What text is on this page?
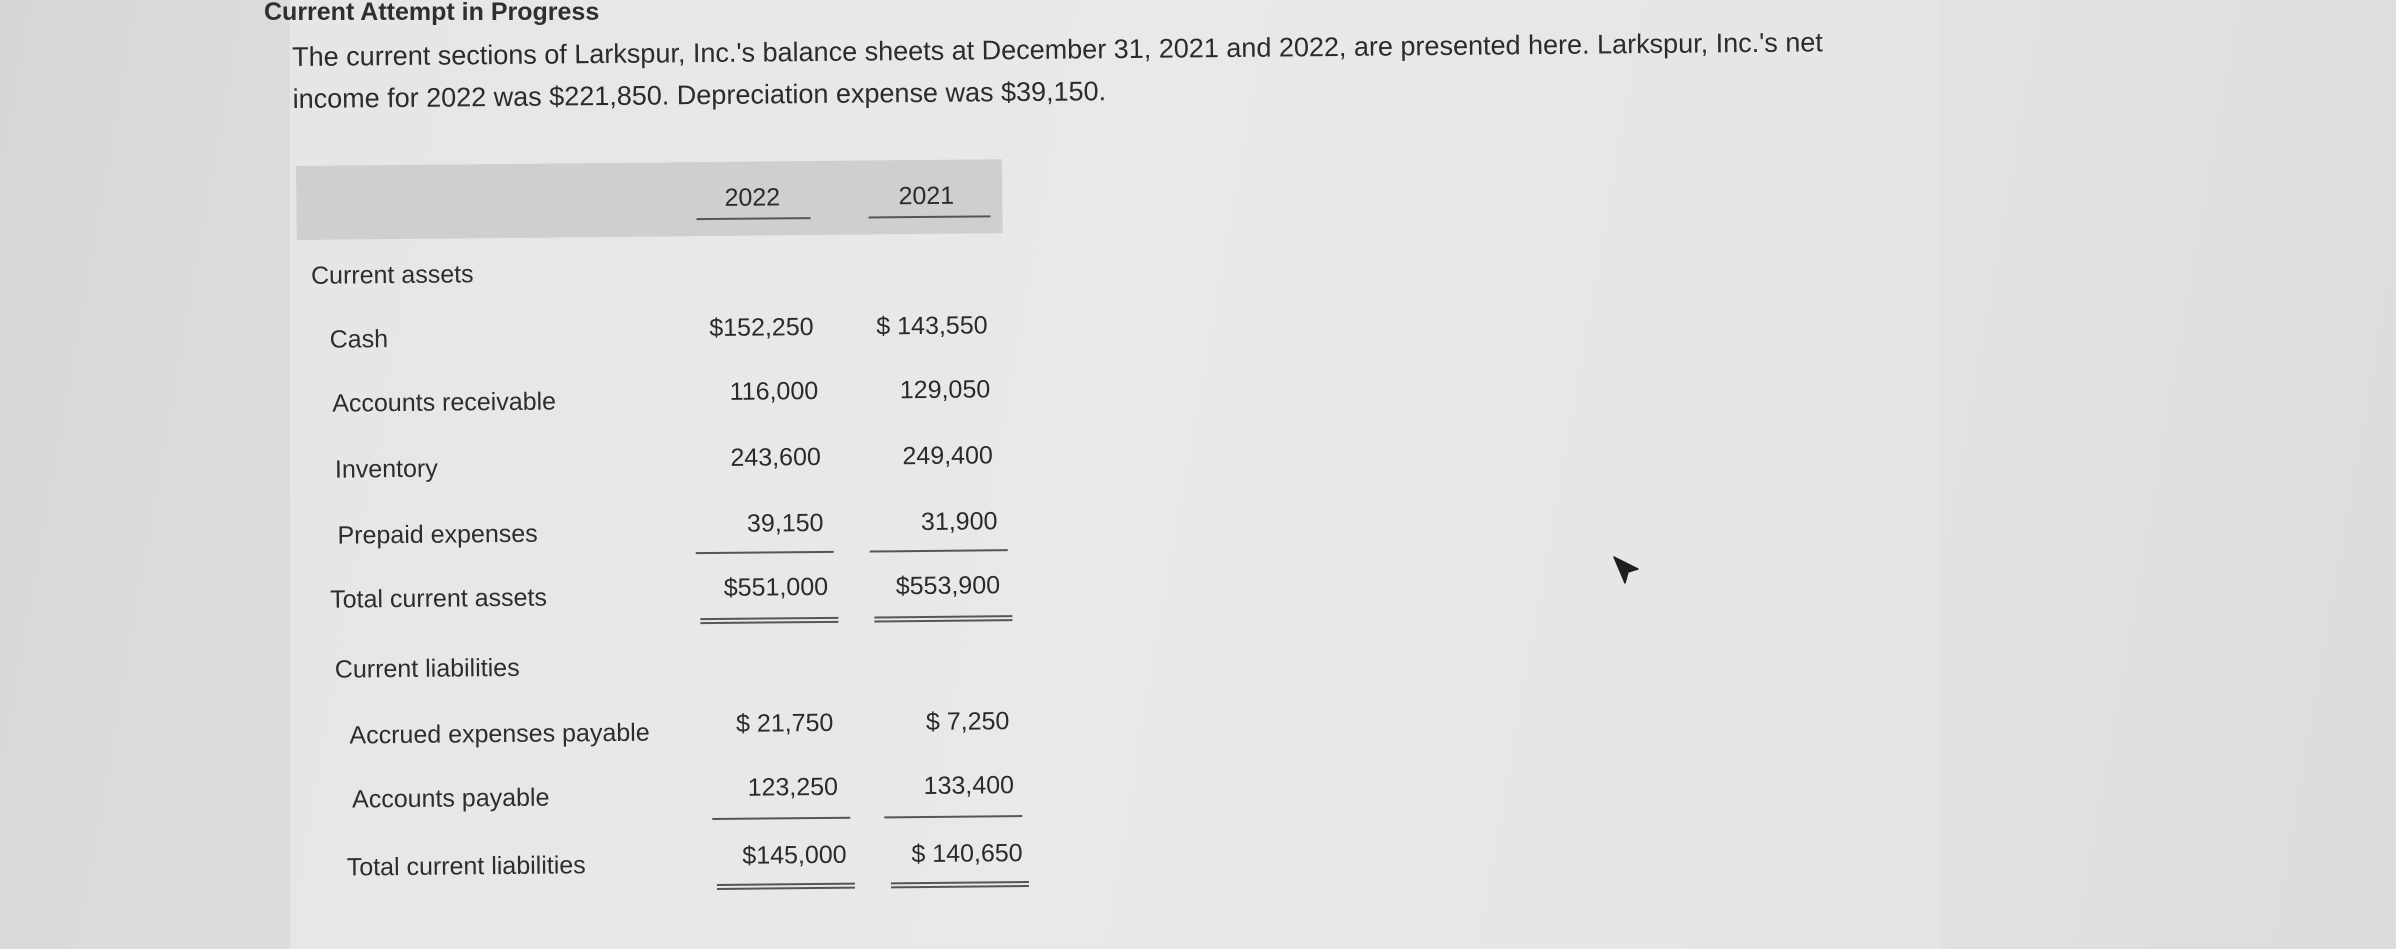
Current Attempt in Progress
The current sections of Larkspur, Inc.'s balance sheets at December 31, 2021 and 2022, are presented here. Larkspur, Inc.'s net income for 2022 was $221,850. Depreciation expense was $39,150.
2022	2021
Current assets
Cash	$152,250	$ 143,550
Accounts receivable	116,000	129,050
Inventory	243,600	249,400
Prepaid expenses	39,150	31,900
Total current assets	$551,000	$553,900
Current liabilities
Accrued expenses payable	$ 21,750	$ 7,250
Accounts payable	123,250	133,400
Total current liabilities	$145,000	$ 140,650
